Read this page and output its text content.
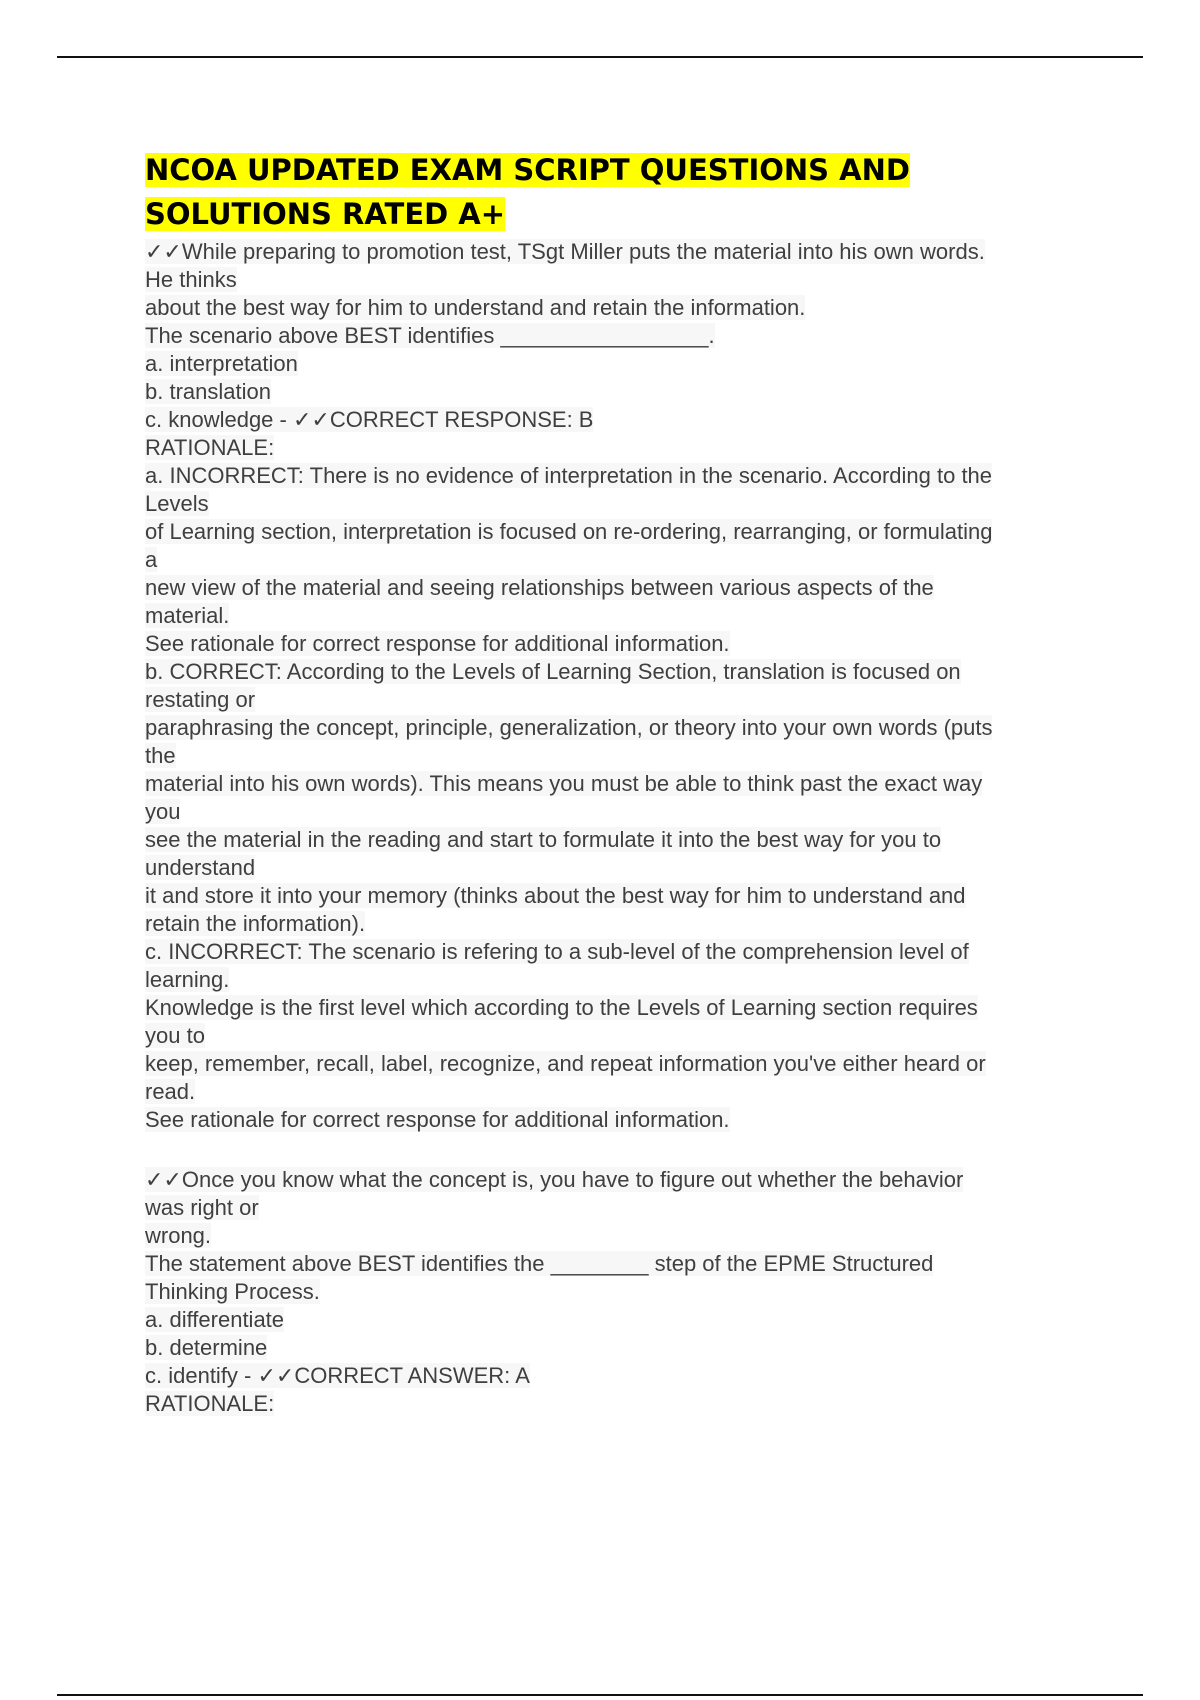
NCOA UPDATED EXAM SCRIPT QUESTIONS AND
SOLUTIONS RATED A+
✓✓While preparing to promotion test, TSgt Miller puts the material into his own words.
He thinks
about the best way for him to understand and retain the information.
The scenario above BEST identifies _________________.
a. interpretation
b. translation
c. knowledge - ✓✓CORRECT RESPONSE: B
RATIONALE:
a. INCORRECT: There is no evidence of interpretation in the scenario. According to the
Levels
of Learning section, interpretation is focused on re-ordering, rearranging, or formulating
a
new view of the material and seeing relationships between various aspects of the
material.
See rationale for correct response for additional information.
b. CORRECT: According to the Levels of Learning Section, translation is focused on
restating or
paraphrasing the concept, principle, generalization, or theory into your own words (puts
the
material into his own words). This means you must be able to think past the exact way
you
see the material in the reading and start to formulate it into the best way for you to
understand
it and store it into your memory (thinks about the best way for him to understand and
retain the information).
c. INCORRECT: The scenario is refering to a sub-level of the comprehension level of
learning.
Knowledge is the first level which according to the Levels of Learning section requires
you to
keep, remember, recall, label, recognize, and repeat information you've either heard or
read.
See rationale for correct response for additional information.
✓✓Once you know what the concept is, you have to figure out whether the behavior
was right or
wrong.
The statement above BEST identifies the ________ step of the EPME Structured
Thinking Process.
a. differentiate
b. determine
c. identify - ✓✓CORRECT ANSWER: A
RATIONALE:
